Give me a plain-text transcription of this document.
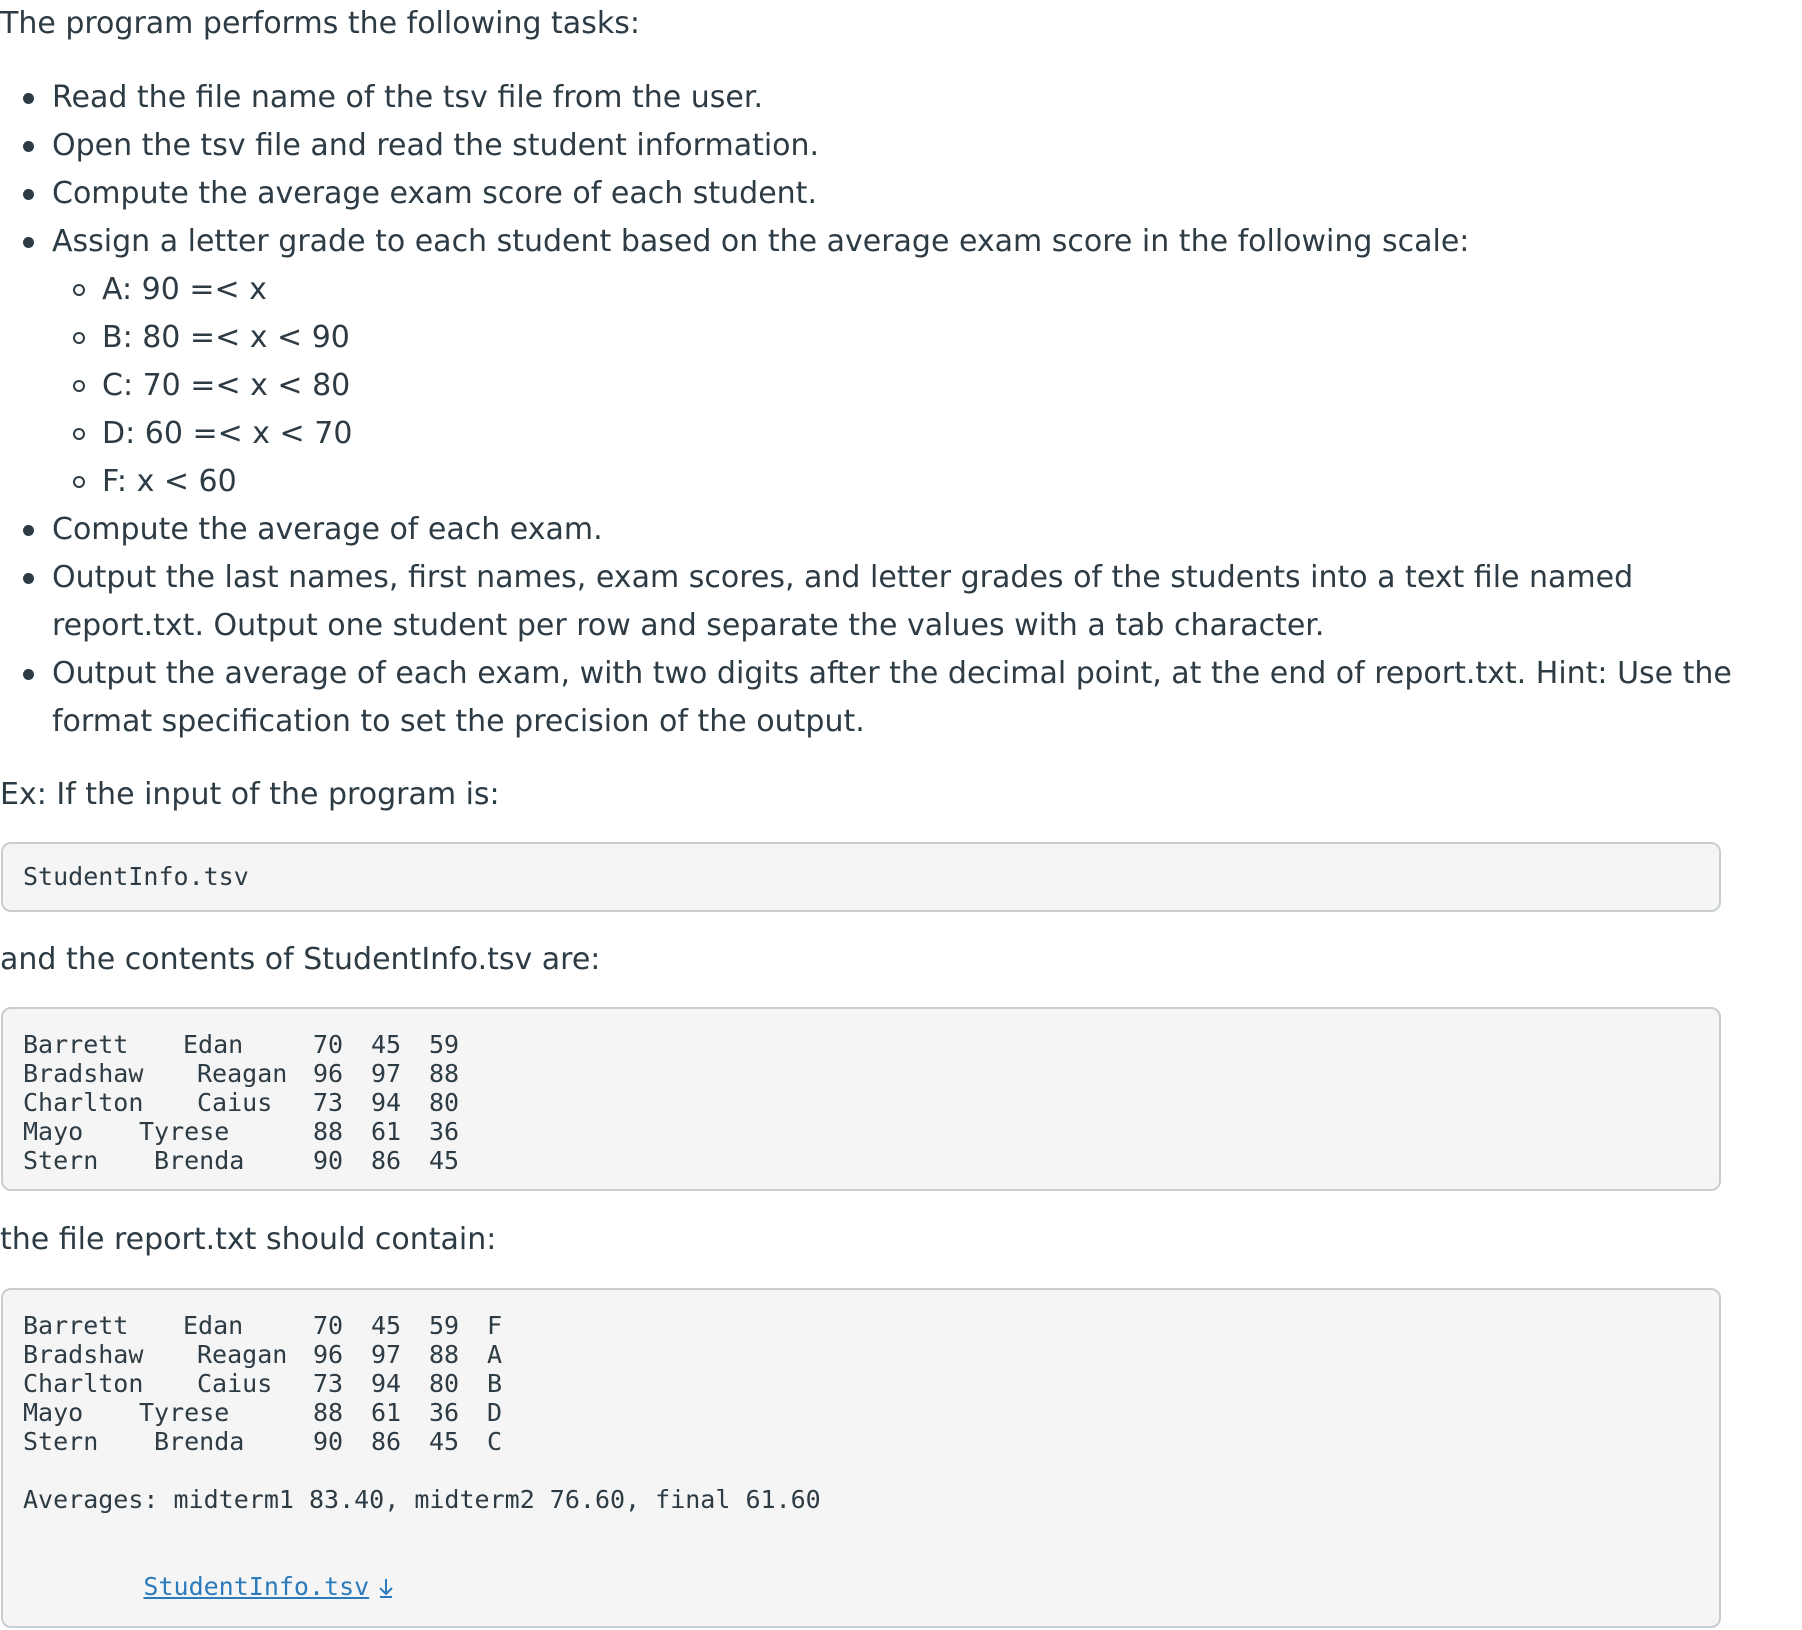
The program performs the following tasks:

Read the file name of the tsv file from the user.
Open the tsv file and read the student information.
Compute the average exam score of each student.
Assign a letter grade to each student based on the average exam score in the following scale:
A: 90 =< x
B: 80 =< x < 90
C: 70 =< x < 80
D: 60 =< x < 70
F: x < 60
Compute the average of each exam.
Output the last names, first names, exam scores, and letter grades of the students into a text file named report.txt. Output one student per row and separate the values with a tab character.
Output the average of each exam, with two digits after the decimal point, at the end of report.txt. Hint: Use the format specification to set the precision of the output.

Ex: If the input of the program is:

StudentInfo.tsv

and the contents of StudentInfo.tsv are:

Barrett Edan	70 45 59
Bradshaw Reagan 96 97 88
Charlton Caius 73 94 80
Mayo Tyrese	88 61 36
Stern Brenda	90 86 45

the file report.txt should contain:

Barrett Edan	70 45 59 F
Bradshaw Reagan 96 97 88 A
Charlton Caius 73 94 80 B
Mayo Tyrese	88 61 36 D
Stern Brenda	90 86 45 C

Averages: midterm1 83.40, midterm2 76.60, final 61.60

StudentInfo.tsv
